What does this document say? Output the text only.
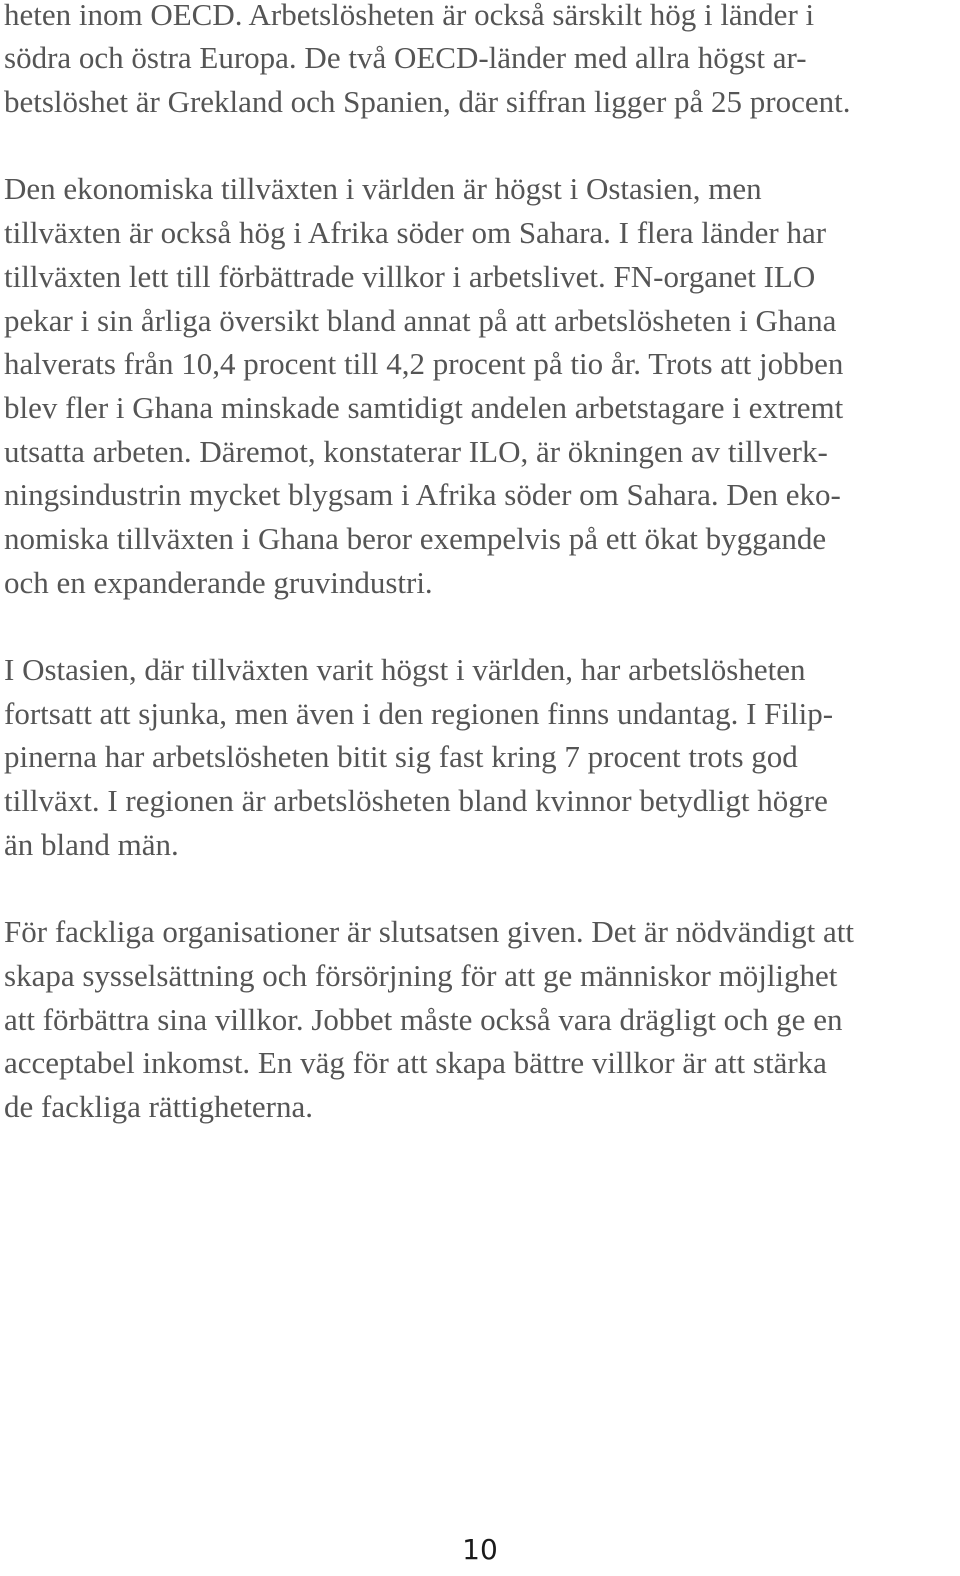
heten inom OECD. Arbetslösheten är också särskilt hög i länder i
södra och östra Europa. De två OECD-länder med allra högst ar-
betslöshet är Grekland och Spanien, där siffran ligger på 25 procent.
Den ekonomiska tillväxten i världen är högst i Ostasien, men
tillväxten är också hög i Afrika söder om Sahara. I flera länder har
tillväxten lett till förbättrade villkor i arbetslivet. FN-organet ILO
pekar i sin årliga översikt bland annat på att arbetslösheten i Ghana
halverats från 10,4 procent till 4,2 procent på tio år. Trots att jobben
blev fler i Ghana minskade samtidigt andelen arbetstagare i extremt
utsatta arbeten. Däremot, konstaterar ILO, är ökningen av tillverk-
ningsindustrin mycket blygsam i Afrika söder om Sahara. Den eko-
nomiska tillväxten i Ghana beror exempelvis på ett ökat byggande
och en expanderande gruvindustri.
I Ostasien, där tillväxten varit högst i världen, har arbetslösheten
fortsatt att sjunka, men även i den regionen finns undantag. I Filip-
pinerna har arbetslösheten bitit sig fast kring 7 procent trots god
tillväxt. I regionen är arbetslösheten bland kvinnor betydligt högre
än bland män.
För fackliga organisationer är slutsatsen given. Det är nödvändigt att
skapa sysselsättning och försörjning för att ge människor möjlighet
att förbättra sina villkor. Jobbet måste också vara drägligt och ge en
acceptabel inkomst. En väg för att skapa bättre villkor är att stärka
de fackliga rättigheterna.
10
